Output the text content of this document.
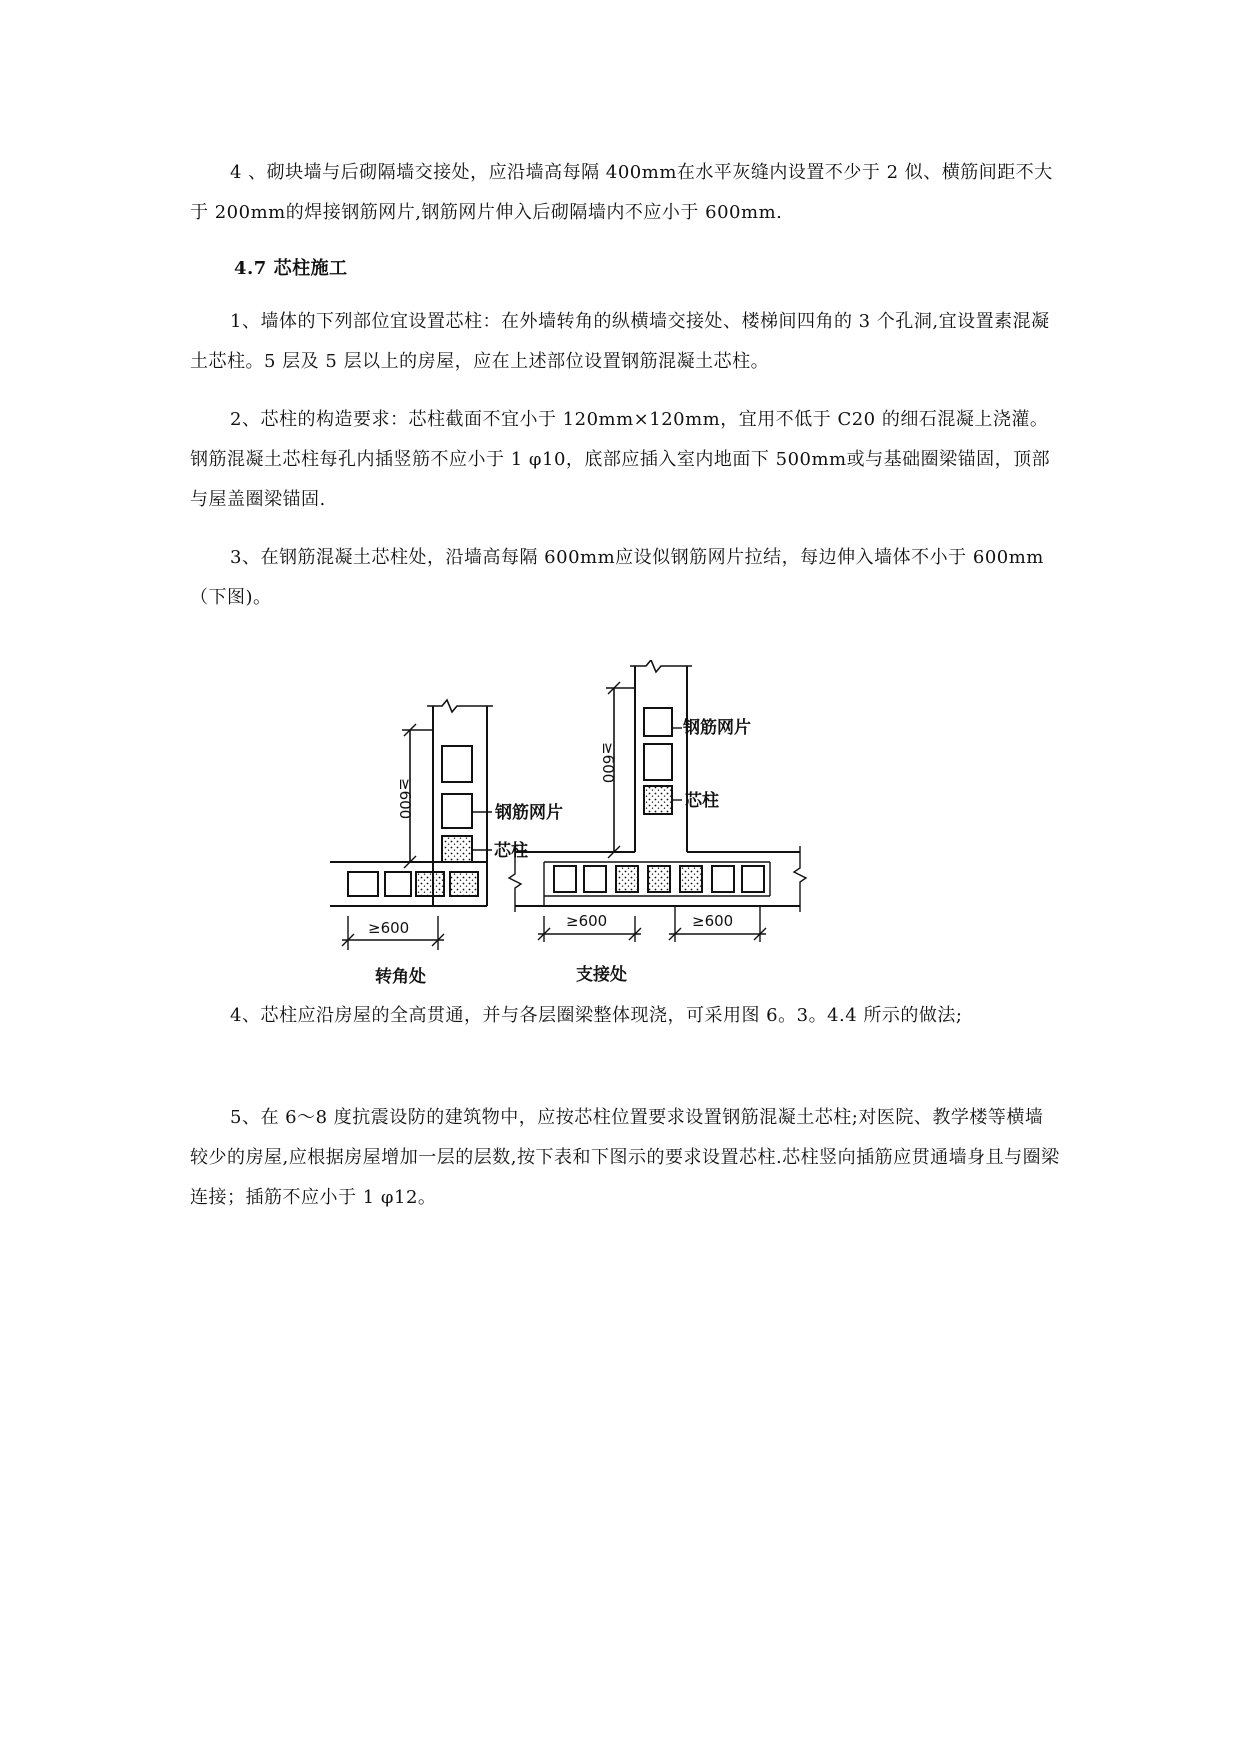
4 、砌块墙与后砌隔墙交接处，应沿墙高每隔 400mm在水平灰缝内设置不少于 2 似、横筋间距不大于 200mm的焊接钢筋网片,钢筋网片伸入后砌隔墙内不应小于 600mm.

4.7 芯柱施工

1、墙体的下列部位宜设置芯柱：在外墙转角的纵横墙交接处、楼梯间四角的 3 个孔洞,宜设置素混凝土芯柱。5 层及 5 层以上的房屋，应在上述部位设置钢筋混凝土芯柱。

2、芯柱的构造要求：芯柱截面不宜小于 120mm×120mm，宜用不低于 C20 的细石混凝上浇灌。钢筋混凝土芯柱每孔内插竖筋不应小于 1 φ10，底部应插入室内地面下 500mm或与基础圈梁锚固，顶部与屋盖圈梁锚固.

3、在钢筋混凝土芯柱处，沿墙高每隔 600mm应设似钢筋网片拉结，每边伸入墙体不小于 600mm（下图)。

钢筋网片
芯柱
≥600
≥600
转角处
钢筋网片
芯柱
≥600
≥600	≥600
支接处

4、芯柱应沿房屋的全高贯通，并与各层圈梁整体现浇，可采用图 6。3。4.4 所示的做法;

5、在 6～8 度抗震设防的建筑物中，应按芯柱位置要求设置钢筋混凝土芯柱;对医院、教学楼等横墙较少的房屋,应根据房屋增加一层的层数,按下表和下图示的要求设置芯柱.芯柱竖向插筋应贯通墙身且与圈梁连接；插筋不应小于 1 φ12。
